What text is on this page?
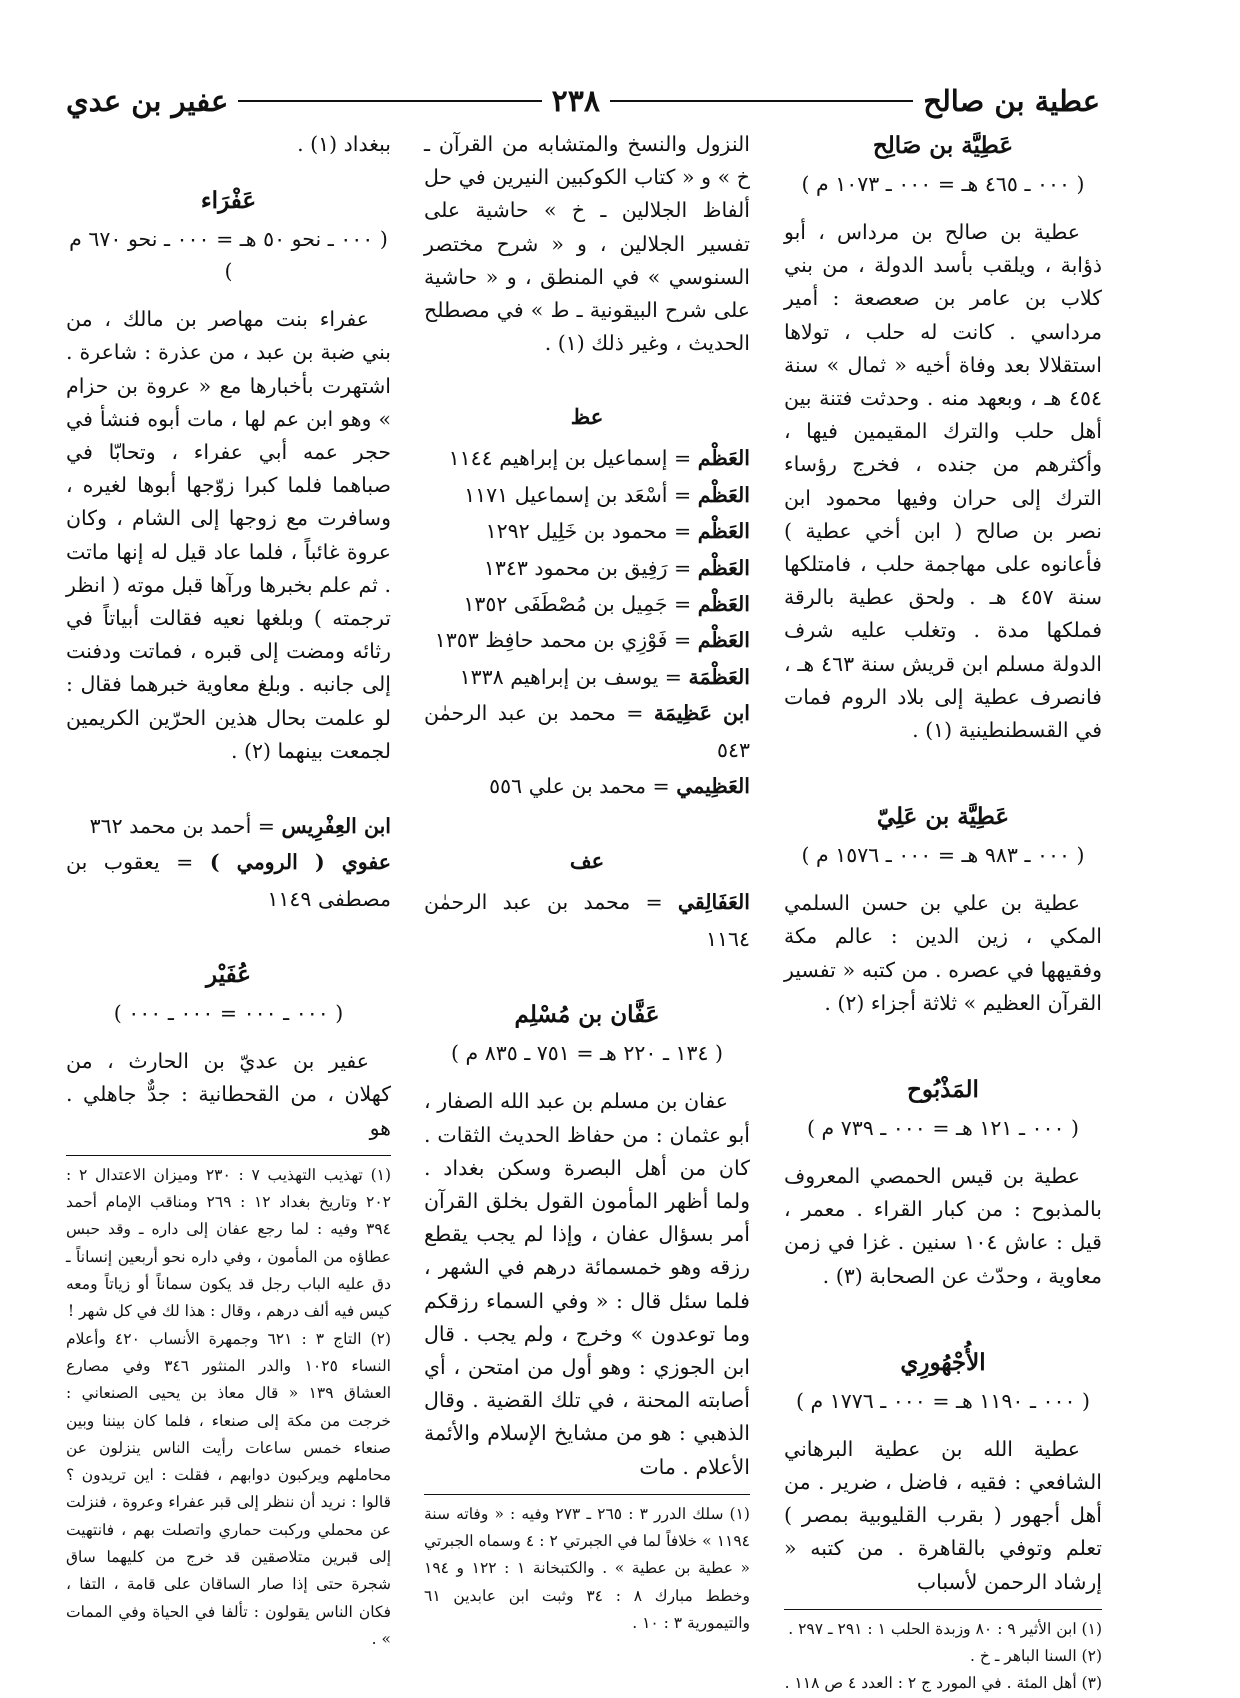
عطية بن صالح
٢٣٨
عفير بن عدي
عَطِيَّة بن صَالِح
( ٠٠٠ ـ ٤٦٥ هـ = ٠٠٠ ـ ١٠٧٣ م )

عطية بن صالح بن مرداس ، أبو ذؤابة ، ويلقب بأسد الدولة ، من بني كلاب بن عامر بن صعصعة : أمير مرداسي . كانت له حلب ، تولاها استقلالا بعد وفاة أخيه « ثمال » سنة ٤٥٤ هـ ، وبعهد منه . وحدثت فتنة بين أهل حلب والترك المقيمين فيها ، وأكثرهم من جنده ، فخرج رؤساء الترك إلى حران وفيها محمود ابن نصر بن صالح ( ابن أخي عطية ) فأعانوه على مهاجمة حلب ، فامتلكها سنة ٤٥٧ هـ . ولحق عطية بالرقة فملكها مدة . وتغلب عليه شرف الدولة مسلم ابن قريش سنة ٤٦٣ هـ ، فانصرف عطية إلى بلاد الروم فمات في القسطنطينية (١) .

عَطِيَّة بن عَلِيّ
( ٠٠٠ ـ ٩٨٣ هـ = ٠٠٠ ـ ١٥٧٦ م )

عطية بن علي بن حسن السلمي المكي ، زين الدين : عالم مكة وفقيهها في عصره . من كتبه « تفسير القرآن العظيم » ثلاثة أجزاء (٢) .

المَذْبُوح
( ٠٠٠ ـ ١٢١ هـ = ٠٠٠ ـ ٧٣٩ م )

عطية بن قيس الحمصي المعروف بالمذبوح : من كبار القراء . معمر ، قيل : عاش ١٠٤ سنين . غزا في زمن معاوية ، وحدّث عن الصحابة (٣) .

الأُجْهُورِي
( ٠٠٠ ـ ١١٩٠ هـ = ٠٠٠ ـ ١٧٧٦ م )

عطية الله بن عطية البرهاني الشافعي : فقيه ، فاضل ، ضرير . من أهل أجهور ( بقرب القليوبية بمصر ) تعلم وتوفي بالقاهرة . من كتبه « إرشاد الرحمن لأسباب

(١) ابن الأثير ٩ : ٨٠ وزبدة الحلب ١ : ٢٩١ ـ ٢٩٧ .

(٢) السنا الباهر ـ خ .

(٣) أهل المئة . في المورد ج ٢ : العدد ٤ ص ١١٨ .

النزول والنسخ والمتشابه من القرآن ـ خ » و « كتاب الكوكبين النيرين في حل ألفاظ الجلالين ـ خ » حاشية على تفسير الجلالين ، و « شرح مختصر السنوسي » في المنطق ، و « حاشية على شرح البيقونية ـ ط » في مصطلح الحديث ، وغير ذلك (١) .

عظ

العَظْم = إسماعيل بن إبراهيم ١١٤٤

العَظْم = أسْعَد بن إسماعيل ١١٧١

العَظْم = محمود بن خَلِيل ١٢٩٢

العَظْم = رَفِيق بن محمود ١٣٤٣

العَظْم = جَمِيل بن مُصْطَفَى ١٣٥٢

العَظْم = فَوْزِي بن محمد حافِظ ١٣٥٣

العَظْمَة = يوسف بن إبراهيم ١٣٣٨

ابن عَظِيمَة = محمد بن عبد الرحمٰن ٥٤٣

العَظِيمي = محمد بن علي ٥٥٦

عف

العَفَالِقي = محمد بن عبد الرحمٰن ١١٦٤

عَفَّان بن مُسْلِم
( ١٣٤ ـ ٢٢٠ هـ = ٧٥١ ـ ٨٣٥ م )

عفان بن مسلم بن عبد الله الصفار ، أبو عثمان : من حفاظ الحديث الثقات . كان من أهل البصرة وسكن بغداد . ولما أظهر المأمون القول بخلق القرآن أمر بسؤال عفان ، وإذا لم يجب يقطع رزقه وهو خمسمائة درهم في الشهر ، فلما سئل قال : « وفي السماء رزقكم وما توعدون » وخرج ، ولم يجب . قال ابن الجوزي : وهو أول من امتحن ، أي أصابته المحنة ، في تلك القضية . وقال الذهبي : هو من مشايخ الإسلام والأئمة الأعلام . مات

(١) سلك الدرر ٣ : ٢٦٥ ـ ٢٧٣ وفيه : « وفاته سنة ١١٩٤ » خلافاً لما في الجبرتي ٢ : ٤ وسماه الجبرتي « عطية بن عطية » . والكتبخانة ١ : ١٢٢ و ١٩٤ وخطط مبارك ٨ : ٣٤ وثبت ابن عابدين ٦١ والتيمورية ٣ : ١٠ .

ببغداد (١) .

عَفْرَاء
( ٠٠٠ ـ نحو ٥٠ هـ = ٠٠٠ ـ نحو ٦٧٠ م )

عفراء بنت مهاصر بن مالك ، من بني ضبة بن عبد ، من عذرة : شاعرة . اشتهرت بأخبارها مع « عروة بن حزام » وهو ابن عم لها ، مات أبوه فنشأ في حجر عمه أبي عفراء ، وتحابّا في صباهما فلما كبرا زوّجها أبوها لغيره ، وسافرت مع زوجها إلى الشام ، وكان عروة غائباً ، فلما عاد قيل له إنها ماتت . ثم علم بخبرها ورآها قبل موته ( انظر ترجمته ) وبلغها نعيه فقالت أبياتاً في رثائه ومضت إلى قبره ، فماتت ودفنت إلى جانبه . وبلغ معاوية خبرهما فقال : لو علمت بحال هذين الحرّين الكريمين لجمعت بينهما (٢) .

ابن العِفْرِيس = أحمد بن محمد ٣٦٢

عفوي ( الرومي ) = يعقوب بن مصطفى ١١٤٩

عُفَيْر
( ٠٠٠ ـ ٠٠٠ = ٠٠٠ ـ ٠٠٠ )

عفير بن عديّ بن الحارث ، من كهلان ، من القحطانية : جدٌّ جاهلي . هو

(١) تهذيب التهذيب ٧ : ٢٣٠ وميزان الاعتدال ٢ : ٢٠٢ وتاريخ بغداد ١٢ : ٢٦٩ ومناقب الإمام أحمد ٣٩٤ وفيه : لما رجع عفان إلى داره ـ وقد حبس عطاؤه من المأمون ، وفي داره نحو أربعين إنساناً ـ دق عليه الباب رجل قد يكون سماناً أو زياتاً ومعه كيس فيه ألف درهم ، وقال : هذا لك في كل شهر !

(٢) التاج ٣ : ٦٢١ وجمهرة الأنساب ٤٢٠ وأعلام النساء ١٠٢٥ والدر المنثور ٣٤٦ وفي مصارع العشاق ١٣٩ « قال معاذ بن يحيى الصنعاني : خرجت من مكة إلى صنعاء ، فلما كان بيننا وبين صنعاء خمس ساعات رأيت الناس ينزلون عن محاملهم ويركبون دوابهم ، فقلت : اين تريدون ؟ قالوا : نريد أن ننظر إلى قبر عفراء وعروة ، فنزلت عن محملي وركبت حماري واتصلت بهم ، فانتهيت إلى قبرين متلاصقين قد خرج من كليهما ساق شجرة حتى إذا صار الساقان على قامة ، التفا ، فكان الناس يقولون : تألفا في الحياة وفي الممات » .
